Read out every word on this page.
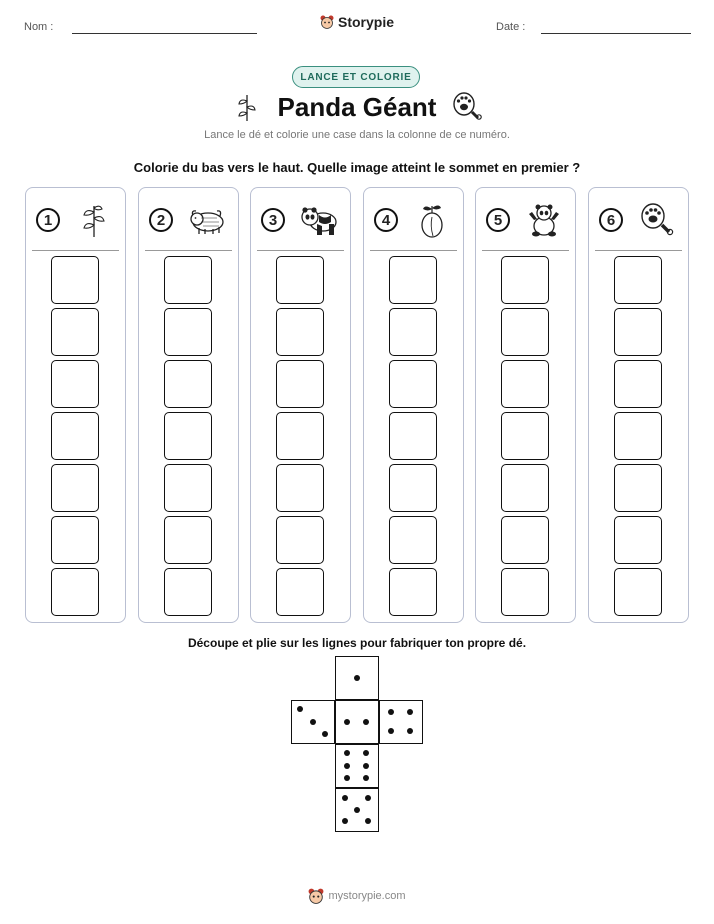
Nom :	Storypie	Date :
LANCE ET COLORIE
Panda Géant
Lance le dé et colorie une case dans la colonne de ce numéro.
Colorie du bas vers le haut. Quelle image atteint le sommet en premier ?
1	2	3	4	5	6
Découpe et plie sur les lignes pour fabriquer ton propre dé.
mystorypie.com
